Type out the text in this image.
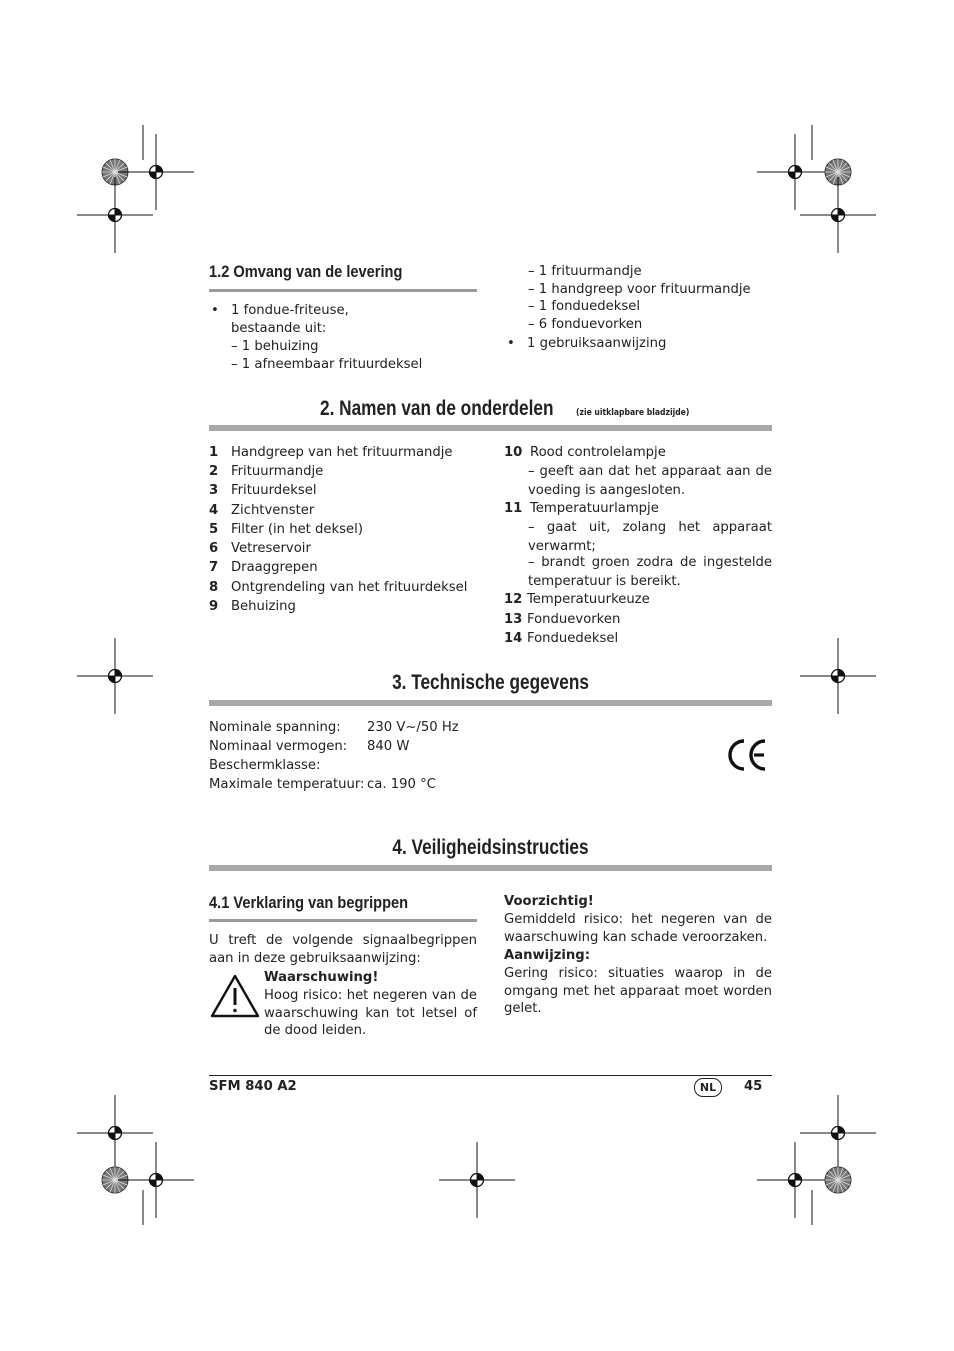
1.2 Omvang van de levering
• 1 fondue-friteuse,
bestaande uit:
– 1 behuizing
– 1 afneembaar frituurdeksel
– 1 frituurmandje
– 1 handgreep voor frituurmandje
– 1 fonduedeksel
– 6 fonduevorken
• 1 gebruiksaanwijzing
2. Namen van de onderdelen (zie uitklapbare bladzijde)
1 Handgreep van het frituurmandje
2 Frituurmandje
3 Frituurdeksel
4 Zichtvenster
5 Filter (in het deksel)
6 Vetreservoir
7 Draaggrepen
8 Ontgrendeling van het frituurdeksel
9 Behuizing
10 Rood controlelampje
– geeft aan dat het apparaat aan de voeding is aangesloten.
11 Temperatuurlampje
– gaat uit, zolang het apparaat verwarmt;
– brandt groen zodra de ingestelde temperatuur is bereikt.
12 Temperatuurkeuze
13 Fonduevorken
14 Fonduedeksel
3. Technische gegevens
Nominale spanning: 230 V~/50 Hz
Nominaal vermogen: 840 W
Beschermklasse:
Maximale temperatuur: ca. 190 °C
4. Veiligheidsinstructies
4.1 Verklaring van begrippen
U treft de volgende signaalbegrippen aan in deze gebruiksaanwijzing:
Waarschuwing!
Hoog risico: het negeren van de waarschuwing kan tot letsel of de dood leiden.
Voorzichtig!
Gemiddeld risico: het negeren van de waarschuwing kan schade veroorzaken.
Aanwijzing:
Gering risico: situaties waarop in de omgang met het apparaat moet worden gelet.
SFM 840 A2	NL	45
